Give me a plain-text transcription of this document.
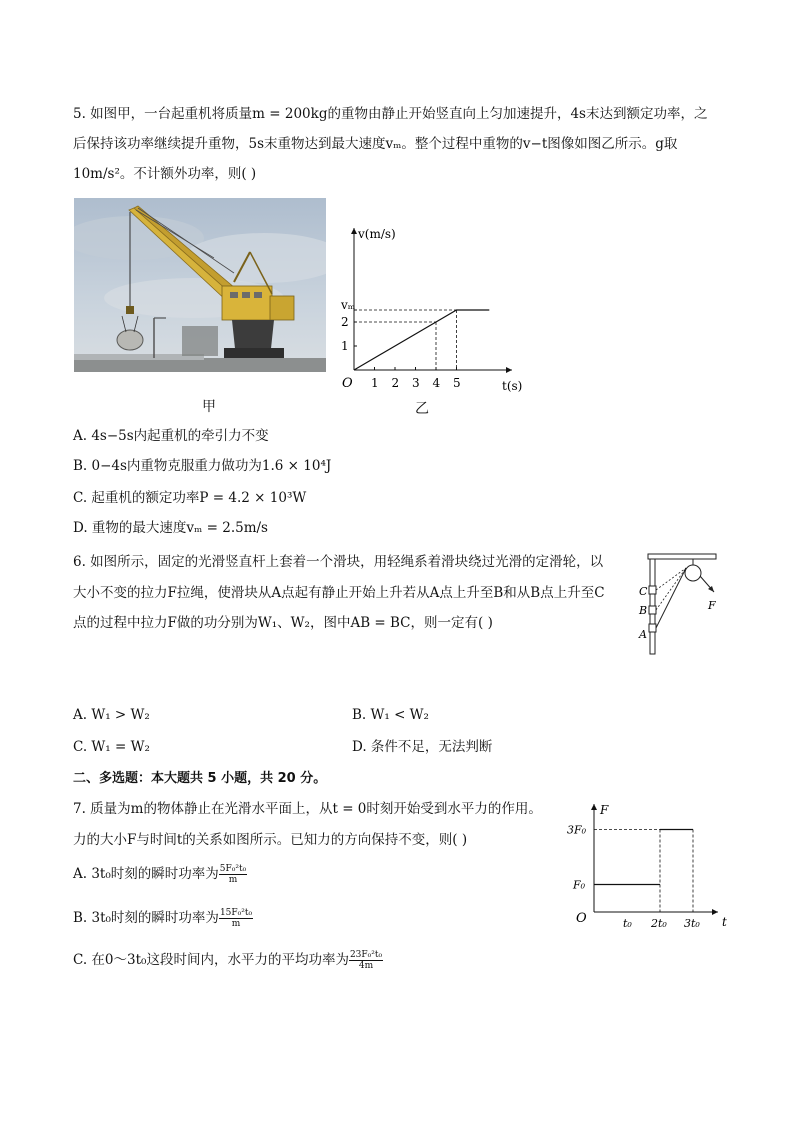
5. 如图甲，一台起重机将质量m = 200kg的重物由静止开始竖直向上匀加速提升，4s末达到额定功率，之
后保持该功率继续提升重物，5s末重物达到最大速度vₘ。整个过程中重物的v−t图像如图乙所示。g取
10m/s²。不计额外功率，则( )
甲
v(m/s)
t(s)
O 1 2 3 4 5
1
2
vₘ
乙
A. 4s−5s内起重机的牵引力不变
B. 0−4s内重物克服重力做功为1.6 × 10⁴J
C. 起重机的额定功率P = 4.2 × 10³W
D. 重物的最大速度vₘ = 2.5m/s
6. 如图所示，固定的光滑竖直杆上套着一个滑块，用轻绳系着滑块绕过光滑的定滑轮，以
大小不变的拉力F拉绳，使滑块从A点起有静止开始上升若从A点上升至B和从B点上升至C
点的过程中拉力F做的功分别为W₁、W₂，图中AB = BC，则一定有( )
C
B
A
F
A. W₁ > W₂	B. W₁ < W₂
C. W₁ = W₂	D. 条件不足，无法判断
二、多选题：本大题共 5 小题，共 20 分。
7. 质量为m的物体静止在光滑水平面上，从t = 0时刻开始受到水平力的作用。
力的大小F与时间t的关系如图所示。已知力的方向保持不变，则( )
A. 3t₀时刻的瞬时功率为 $\frac{\text{5F₀²t₀}}{m}$
B. 3t₀时刻的瞬时功率为 $\frac{\text{15F₀²t₀}}{m}$
C. 在0～3t₀这段时间内，水平力的平均功率为 $\frac{\text{23F₀²t₀}}{4m}$
F
t
O	t₀ 2t₀ 3t₀
F₀
3F₀
